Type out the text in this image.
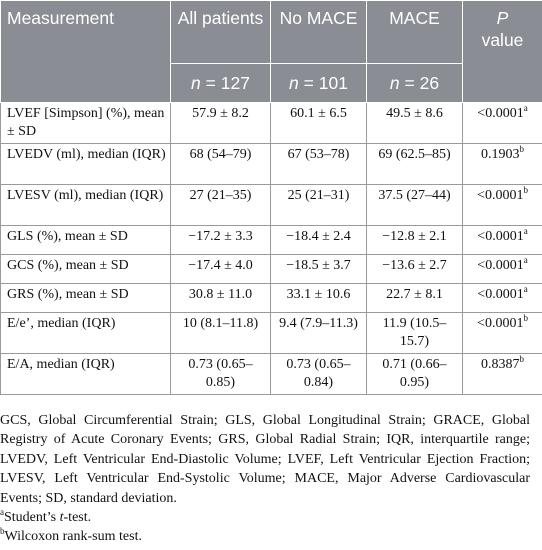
Measurement	All patients	No MACE	MACE	P
value
	n = 127	n = 101	n = 26	
LVEF [Simpson] (%), mean ± SD	57.9 ± 8.2	60.1 ± 6.5	49.5 ± 8.6	<0.0001$^a$
LVEDV (ml), median (IQR)	68 (54–79)	67 (53–78)	69 (62.5–85)	0.1903$^b$
LVESV (ml), median (IQR)	27 (21–35)	25 (21–31)	37.5 (27–44)	<0.0001$^b$
GLS (%), mean ± SD	−17.2 ± 3.3	−18.4 ± 2.4	−12.8 ± 2.1	<0.0001$^a$
GCS (%), mean ± SD	−17.4 ± 4.0	−18.5 ± 3.7	−13.6 ± 2.7	<0.0001$^a$
GRS (%), mean ± SD	30.8 ± 11.0	33.1 ± 10.6	22.7 ± 8.1	<0.0001$^a$
E/e’, median (IQR)	10 (8.1–11.8)	9.4 (7.9–11.3)	11.9 (10.5–15.7)	<0.0001$^b$
E/A, median (IQR)	0.73 (0.65–0.85)	0.73 (0.65–0.84)	0.71 (0.66–0.95)	0.8387$^b$

GCS, Global Circumferential Strain; GLS, Global Longitudinal Strain; GRACE, Global Registry of Acute Coronary Events; GRS, Global Radial Strain; IQR, interquartile range; LVEDV, Left Ventricular End-Diastolic Volume; LVEF, Left Ventricular Ejection Fraction; LVESV, Left Ventricular End-Systolic Volume; MACE, Major Adverse Cardiovascular Events; SD, standard deviation.

$^a$Student’s t-test.

$^b$Wilcoxon rank-sum test.
